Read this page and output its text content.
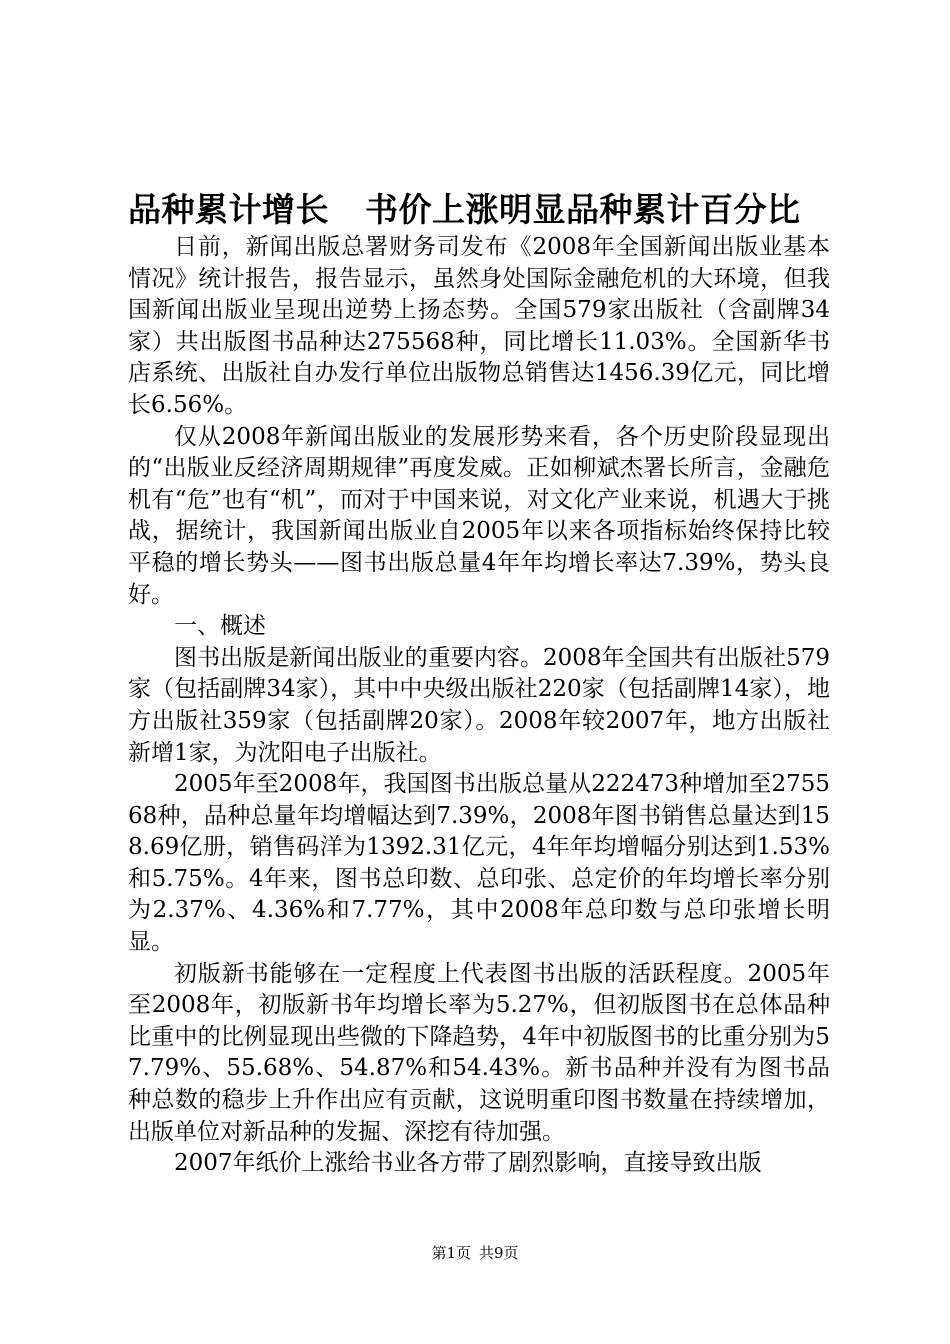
品种累计增长 书价上涨明显品种累计百分比

日前，新闻出版总署财务司发布《2008年全国新闻出版业基本情况》统计报告，报告显示，虽然身处国际金融危机的大环境，但我国新闻出版业呈现出逆势上扬态势。全国579家出版社（含副牌34家）共出版图书品种达275568种，同比增长11.03%。全国新华书店系统、出版社自办发行单位出版物总销售达1456.39亿元，同比增长6.56%。

仅从2008年新闻出版业的发展形势来看，各个历史阶段显现出的“出版业反经济周期规律”再度发威。正如柳斌杰署长所言，金融危机有“危”也有“机”，而对于中国来说，对文化产业来说，机遇大于挑战，据统计，我国新闻出版业自2005年以来各项指标始终保持比较平稳的增长势头——图书出版总量4年年均增长率达7.39%，势头良好。

一、概述

图书出版是新闻出版业的重要内容。2008年全国共有出版社579家（包括副牌34家），其中中央级出版社220家（包括副牌14家），地方出版社359家（包括副牌20家）。2008年较2007年，地方出版社新增1家，为沈阳电子出版社。

2005年至2008年，我国图书出版总量从222473种增加至275568种，品种总量年均增幅达到7.39%，2008年图书销售总量达到158.69亿册，销售码洋为1392.31亿元，4年年均增幅分别达到1.53%和5.75%。4年来，图书总印数、总印张、总定价的年均增长率分别为2.37%、4.36%和7.77%，其中2008年总印数与总印张增长明显。

初版新书能够在一定程度上代表图书出版的活跃程度。2005年至2008年，初版新书年均增长率为5.27%，但初版图书在总体品种比重中的比例显现出些微的下降趋势，4年中初版图书的比重分别为57.79%、55.68%、54.87%和54.43%。新书品种并没有为图书品种总数的稳步上升作出应有贡献，这说明重印图书数量在持续增加，出版单位对新品种的发掘、深挖有待加强。

2007年纸价上涨给书业各方带了剧烈影响，直接导致出版

第1页 共9页
